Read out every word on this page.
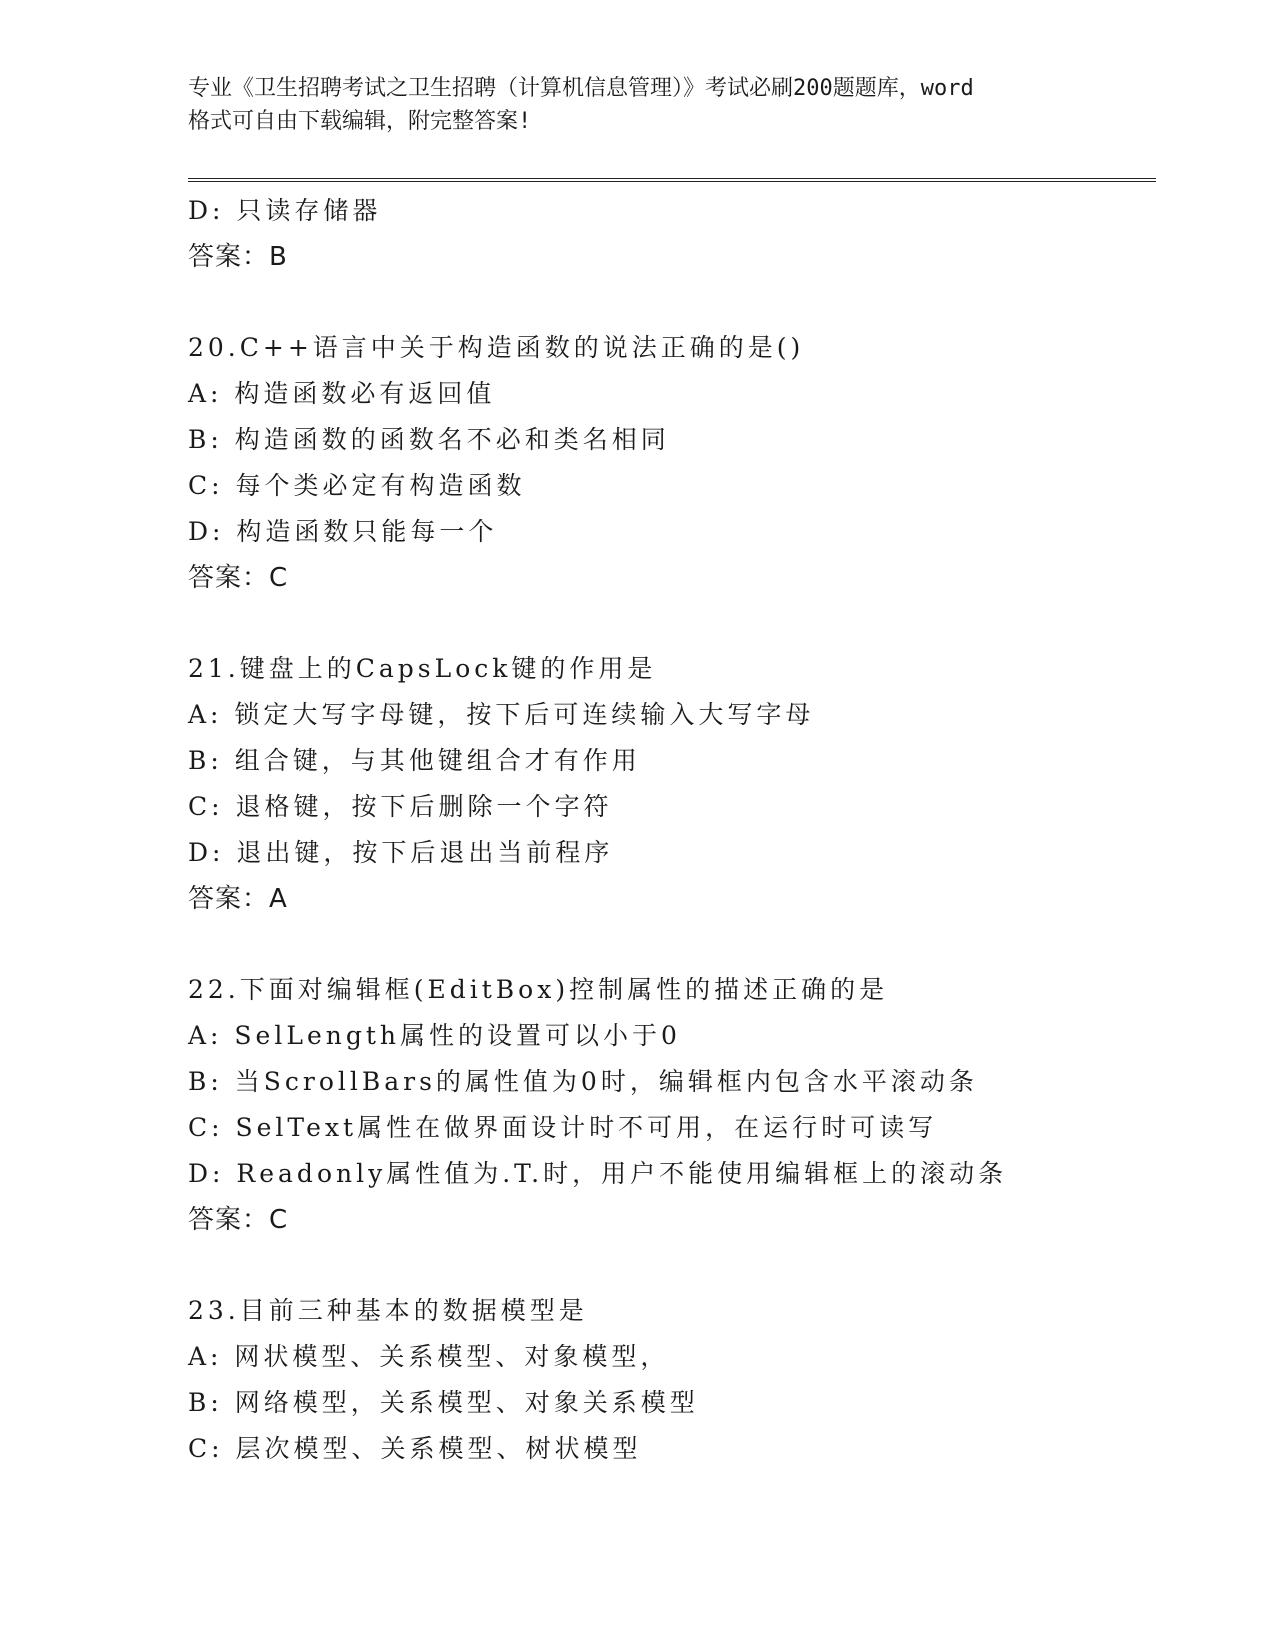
专业《卫生招聘考试之卫生招聘（计算机信息管理）》考试必刷200题题库，word
格式可自由下载编辑，附完整答案!
D: 只读存储器
答案：B
20.C++语言中关于构造函数的说法正确的是()
A: 构造函数必有返回值
B: 构造函数的函数名不必和类名相同
C: 每个类必定有构造函数
D: 构造函数只能每一个
答案：C
21.键盘上的CapsLock键的作用是
A: 锁定大写字母键，按下后可连续输入大写字母
B: 组合键，与其他键组合才有作用
C: 退格键，按下后删除一个字符
D: 退出键，按下后退出当前程序
答案：A
22.下面对编辑框(EditBox)控制属性的描述正确的是
A: SelLength属性的设置可以小于0
B: 当ScrollBars的属性值为0时，编辑框内包含水平滚动条
C: SelText属性在做界面设计时不可用，在运行时可读写
D: Readonly属性值为.T.时，用户不能使用编辑框上的滚动条
答案：C
23.目前三种基本的数据模型是
A: 网状模型、关系模型、对象模型，
B: 网络模型，关系模型、对象关系模型
C: 层次模型、关系模型、树状模型
